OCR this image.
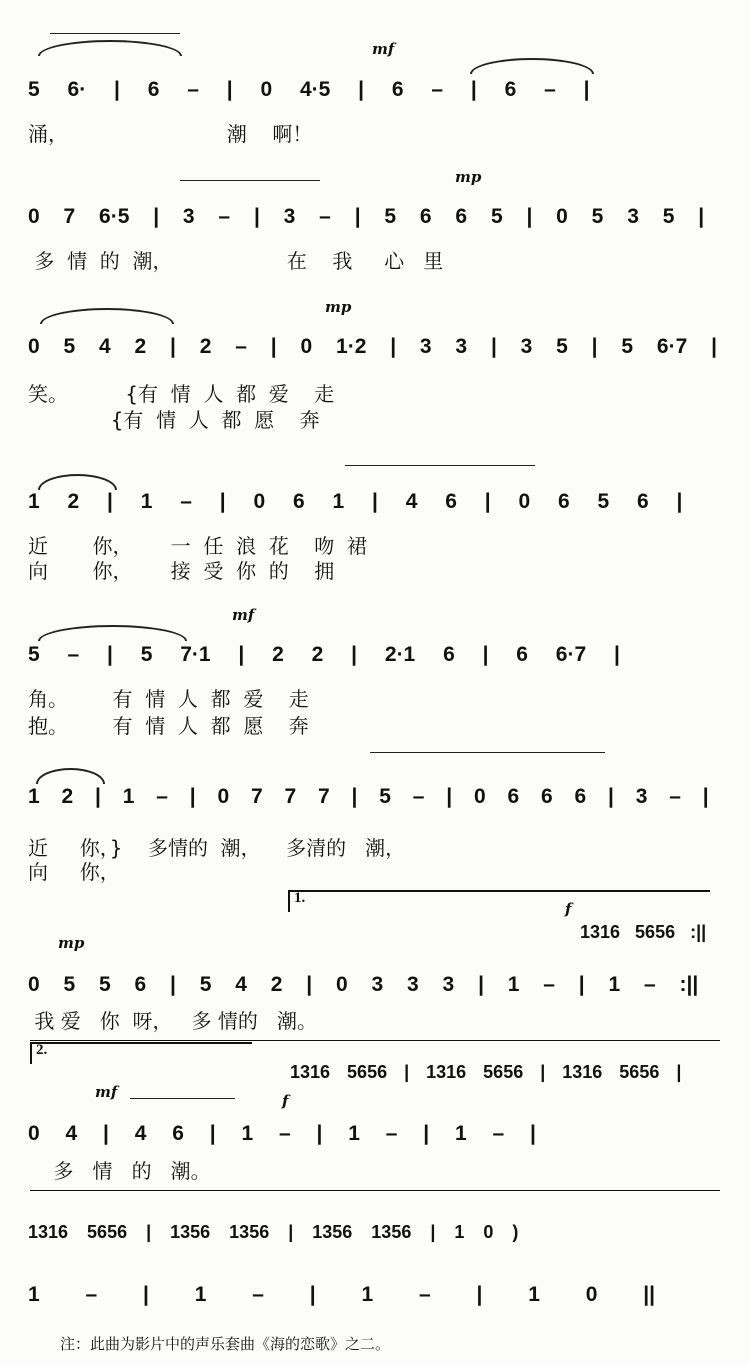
mf
5 6· | 6 – | 0 4·5 | 6 – | 6 – |
涌，                         潮    啊！
mp
0 7 6·5 | 3 – | 3 – | 5 6 6 5 | 0 5 3 5 |
多  情  的  潮，                  在    我     心   里
mp
0 5 4 2 | 2 – | 0 1·2 | 3 3 | 3 5 | 5 6·7 |
笑。         {有  情  人  都  爱    走
{有  情  人  都  愿    奔
1 2 | 1 – | 0 6 1 | 4 6 | 0 6 5 6 |
近       你，      一  任  浪  花    吻  裙
向       你，      接  受  你  的    拥
mf
5 – | 5 7·1 | 2 2 | 2·1 6 | 6 6·7 |
角。       有  情  人  都  爱    走
抱。       有  情  人  都  愿    奔
1 2 | 1 – | 0 7 7 7 | 5 – | 0 6 6 6 | 3 – |
近     你，}    多情的  潮，    多清的   潮，
向     你，
1.
f
1316 5656 :||
mp
0 5 5 6 | 5 4 2 | 0 3 3 3 | 1 – | 1 – :||
我 爱   你  呀，   多 情的   潮。
2.
1316 5656 | 1316 5656 | 1316 5656 |
mf	f
0 4 | 4 6 | 1 – | 1 – | 1 – |
多   情   的   潮。
1316 5656 | 1356 1356 | 1356 1356 | 1 0 )
1 – | 1 – | 1 – | 1 0 ||
注：此曲为影片中的声乐套曲《海的恋歌》之二。
